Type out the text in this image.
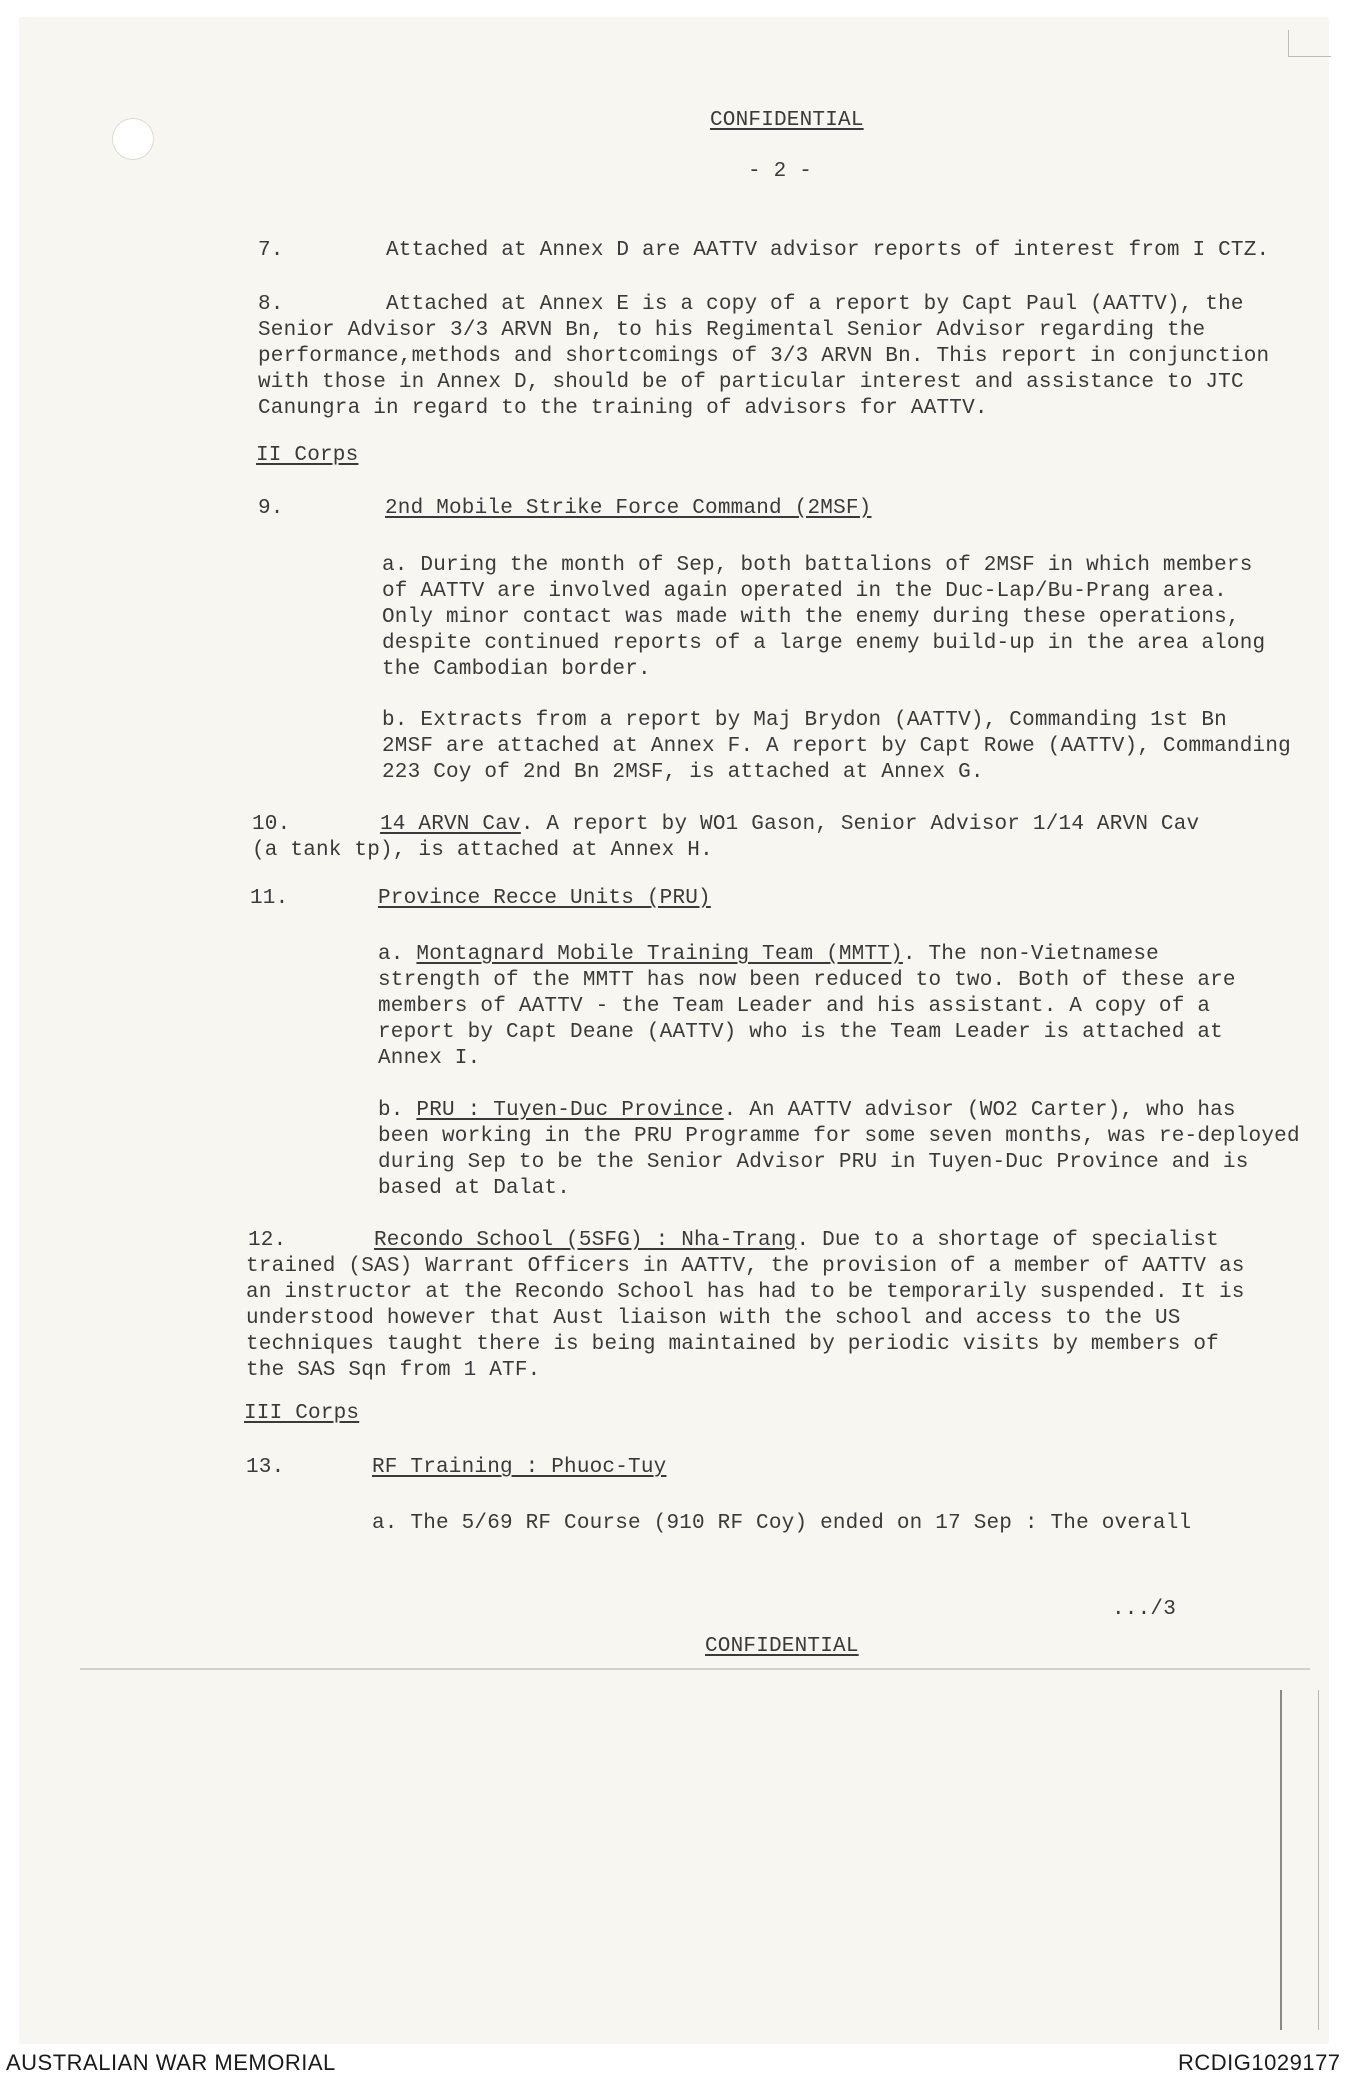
CONFIDENTIAL
- 2 -
7.	Attached at Annex D are AATTV advisor reports of interest from I CTZ.
8.	Attached at Annex E is a copy of a report by Capt Paul (AATTV), the
Senior Advisor 3/3 ARVN Bn, to his Regimental Senior Advisor regarding the
performance,methods and shortcomings of 3/3 ARVN Bn. This report in conjunction
with those in Annex D, should be of particular interest and assistance to JTC
Canungra in regard to the training of advisors for AATTV.
II Corps
9.	2nd Mobile Strike Force Command (2MSF)
a. During the month of Sep, both battalions of 2MSF in which members
of AATTV are involved again operated in the Duc-Lap/Bu-Prang area.
Only minor contact was made with the enemy during these operations,
despite continued reports of a large enemy build-up in the area along
the Cambodian border.
b. Extracts from a report by Maj Brydon (AATTV), Commanding 1st Bn
2MSF are attached at Annex F. A report by Capt Rowe (AATTV), Commanding
223 Coy of 2nd Bn 2MSF, is attached at Annex G.
10.	14 ARVN Cav. A report by WO1 Gason, Senior Advisor 1/14 ARVN Cav
(a tank tp), is attached at Annex H.
11.	Province Recce Units (PRU)
a. Montagnard Mobile Training Team (MMTT). The non-Vietnamese
strength of the MMTT has now been reduced to two. Both of these are
members of AATTV - the Team Leader and his assistant. A copy of a
report by Capt Deane (AATTV) who is the Team Leader is attached at
Annex I.
b. PRU : Tuyen-Duc Province. An AATTV advisor (WO2 Carter), who has
been working in the PRU Programme for some seven months, was re-deployed
during Sep to be the Senior Advisor PRU in Tuyen-Duc Province and is
based at Dalat.
12.	Recondo School (5SFG) : Nha-Trang. Due to a shortage of specialist
trained (SAS) Warrant Officers in AATTV, the provision of a member of AATTV as
an instructor at the Recondo School has had to be temporarily suspended. It is
understood however that Aust liaison with the school and access to the US
techniques taught there is being maintained by periodic visits by members of
the SAS Sqn from 1 ATF.
III Corps
13.	RF Training : Phuoc-Tuy
a. The 5/69 RF Course (910 RF Coy) ended on 17 Sep : The overall
.../3
CONFIDENTIAL
AUSTRALIAN WAR MEMORIAL	RCDIG1029177
